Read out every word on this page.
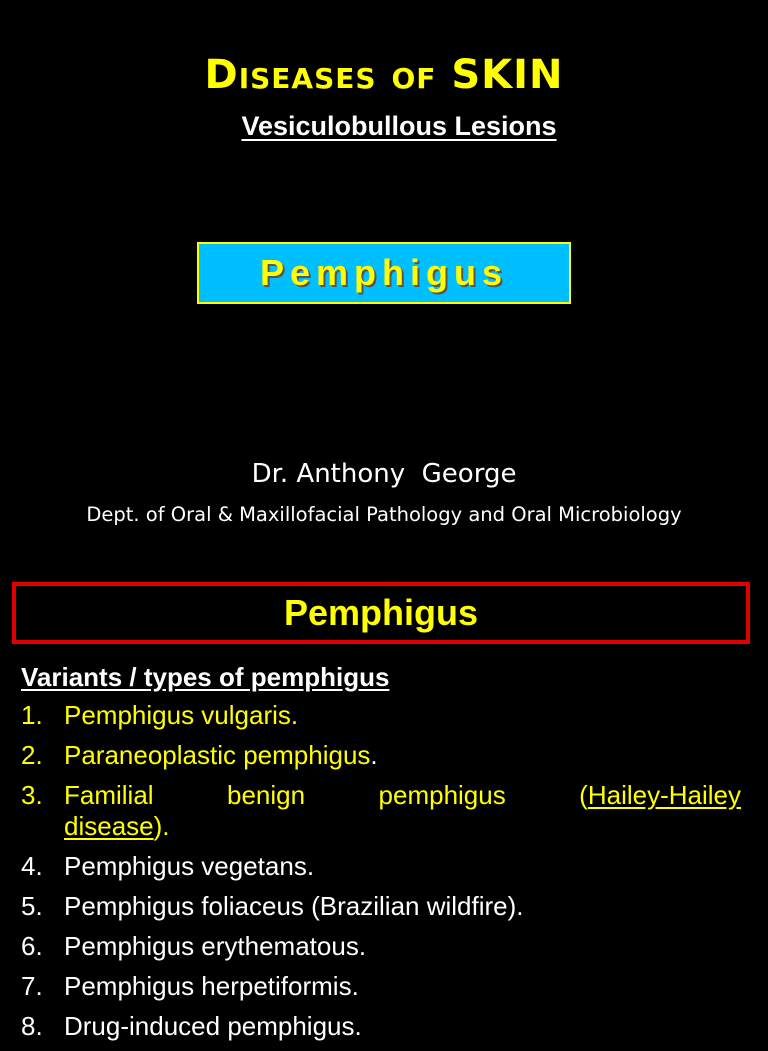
Diseases of SKIN
Vesiculobullous Lesions
Pemphigus

Dr. Anthony  George

Dept. of Oral & Maxillofacial Pathology and Oral Microbiology

Pemphigus
Variants / types of pemphigus
1. Pemphigus vulgaris.
2. Paraneoplastic pemphigus.
3. Familial	benign	pemphigus	(Hailey-Hailey
disease).
4. Pemphigus vegetans.
5. Pemphigus foliaceus (Brazilian wildfire).
6. Pemphigus erythematous.
7. Pemphigus herpetiformis.
8. Drug-induced pemphigus.
